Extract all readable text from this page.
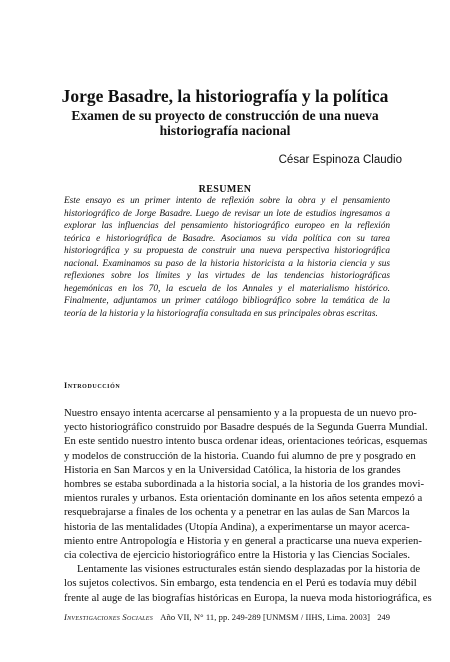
Jorge Basadre, la historiografía y la política
Examen de su proyecto de construcción de una nueva historiografía nacional

César Espinoza Claudio

RESUMEN

Este ensayo es un primer intento de reflexión sobre la obra y el pensamiento historiográfico de Jorge Basadre. Luego de revisar un lote de estudios ingresamos a explorar las influencias del pensamiento historiográfico europeo en la reflexión teórica e historiográfica de Basadre. Asociamos su vida política con su tarea historiográfica y su propuesta de construir una nueva perspectiva historiográfica nacional. Examinamos su paso de la historia historicista a la historia ciencia y sus reflexiones sobre los límites y las virtudes de las tendencias historiográficas hegemónicas en los 70, la escuela de los Annales y el materialismo histórico. Finalmente, adjuntamos un primer catálogo bibliográfico sobre la temática de la teoría de la historia y la historiografía consultada en sus principales obras escritas.

Introducción
Nuestro ensayo intenta acercarse al pensamiento y a la propuesta de un nuevo pro-
yecto historiográfico construido por Basadre después de la Segunda Guerra Mundial.
En este sentido nuestro intento busca ordenar ideas, orientaciones teóricas, esquemas
y modelos de construcción de la historia. Cuando fui alumno de pre y posgrado en
Historia en San Marcos y en la Universidad Católica, la historia de los grandes
hombres se estaba subordinada a la historia social, a la historia de los grandes movi-
mientos rurales y urbanos. Esta orientación dominante en los años setenta empezó a
resquebrajarse a finales de los ochenta y a penetrar en las aulas de San Marcos la
historia de las mentalidades (Utopía Andina), a experimentarse un mayor acerca-
miento entre Antropología e Historia y en general a practicarse una nueva experien-
cia colectiva de ejercicio historiográfico entre la Historia y las Ciencias Sociales.
Lentamente las visiones estructurales están siendo desplazadas por la historia de
los sujetos colectivos. Sin embargo, esta tendencia en el Perú es todavía muy débil
frente al auge de las biografías históricas en Europa, la nueva moda historiográfica, es
Investigaciones Sociales Año VII, N° 11, pp. 249-289 [UNMSM / IIHS, Lima. 2003] 249
